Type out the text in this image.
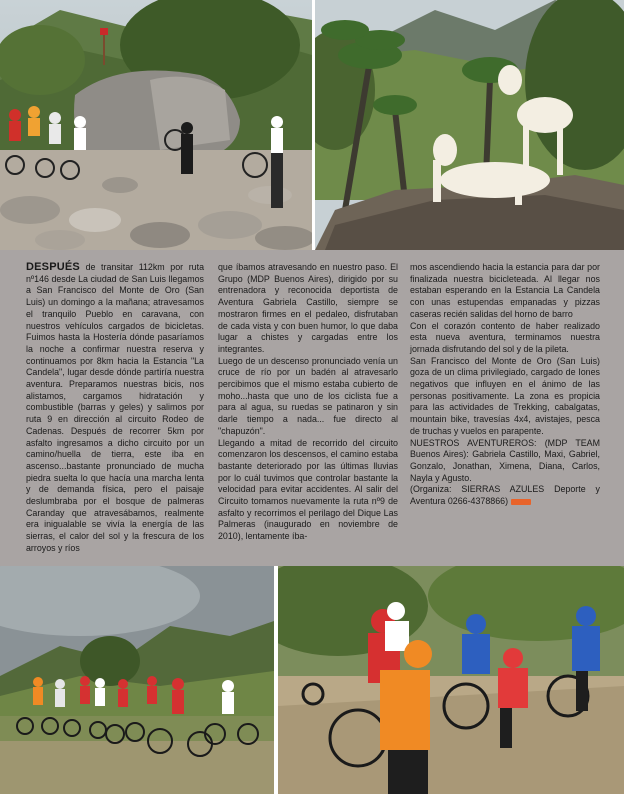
DESPUÉS de transitar 112km por ruta nº146 desde La ciudad de San Luis llegamos a San Francisco del Monte de Oro (San Luis) un domingo a la mañana; atravesamos el tranquilo Pueblo en caravana, con nuestros vehículos cargados de bicicletas. Fuimos hasta la Hostería dónde pasaríamos la noche a confirmar nuestra reserva y continuamos por 8km hacia la Estancia "La Candela", lugar desde dónde partiría nuestra aventura. Preparamos nuestras bicis, nos alistamos, cargamos hidratación y combustible (barras y geles) y salimos por ruta 9 en dirección al circuito Rodeo de Cadenas. Después de recorrer 5km por asfalto ingresamos a dicho circuito por un camino/huella de tierra, este iba en ascenso...bastante pronunciado de mucha piedra suelta lo que hacía una marcha lenta y de demanda física, pero el paisaje deslumbraba por el bosque de palmeras Caranday que atravesábamos, realmente era inigualable se vivía la energía de las sierras, el calor del sol y la frescura de los arroyos y ríos

que íbamos atravesando en nuestro paso. El Grupo (MDP Buenos Aires), dirigido por su entrenadora y reconocida deportista de Aventura Gabriela Castillo, siempre se mostraron firmes en el pedaleo, disfrutaban de cada vista y con buen humor, lo que daba lugar a chistes y cargadas entre los integrantes.

Luego de un descenso pronunciado venía un cruce de río por un badén al atravesarlo percibimos que el mismo estaba cubierto de moho...hasta que uno de los ciclista fue a para al agua, su ruedas se patinaron y sin darle tiempo a nada... fue directo al "chapuzón".

Llegando a mitad de recorrido del circuito comenzaron los descensos, el camino estaba bastante deteriorado por las últimas lluvias por lo cuál tuvimos que controlar bastante la velocidad para evitar accidentes. Al salir del Circuito tomamos nuevamente la ruta nº9 de asfalto y recorrimos el perilago del Dique Las Palmeras (inaugurado en noviembre de 2010), lentamente íba-

mos ascendiendo hacia la estancia para dar por finalizada nuestra bicicleteada. Al llegar nos estaban esperando en la Estancia La Candela con unas estupendas empanadas y pizzas caseras recién salidas del horno de barro

Con el corazón contento de haber realizado esta nueva aventura, terminamos nuestra jornada disfrutando del sol y de la pileta.

San Francisco del Monte de Oro (San Luis) goza de un clima privilegiado, cargado de Iones negativos que influyen en el ánimo de las personas positivamente. La zona es propicia para las actividades de Trekking, cabalgatas, mountain bike, travesías 4x4, avistajes, pesca de truchas y vuelos en parapente.

NUESTROS AVENTUREROS: (MDP TEAM Buenos Aires): Gabriela Castillo, Maxi, Gabriel, Gonzalo, Jonathan, Ximena, Diana, Carlos, Nayla y Agusto.

(Organiza: SIERRAS AZULES Deporte y Aventura 0266-4378866)
